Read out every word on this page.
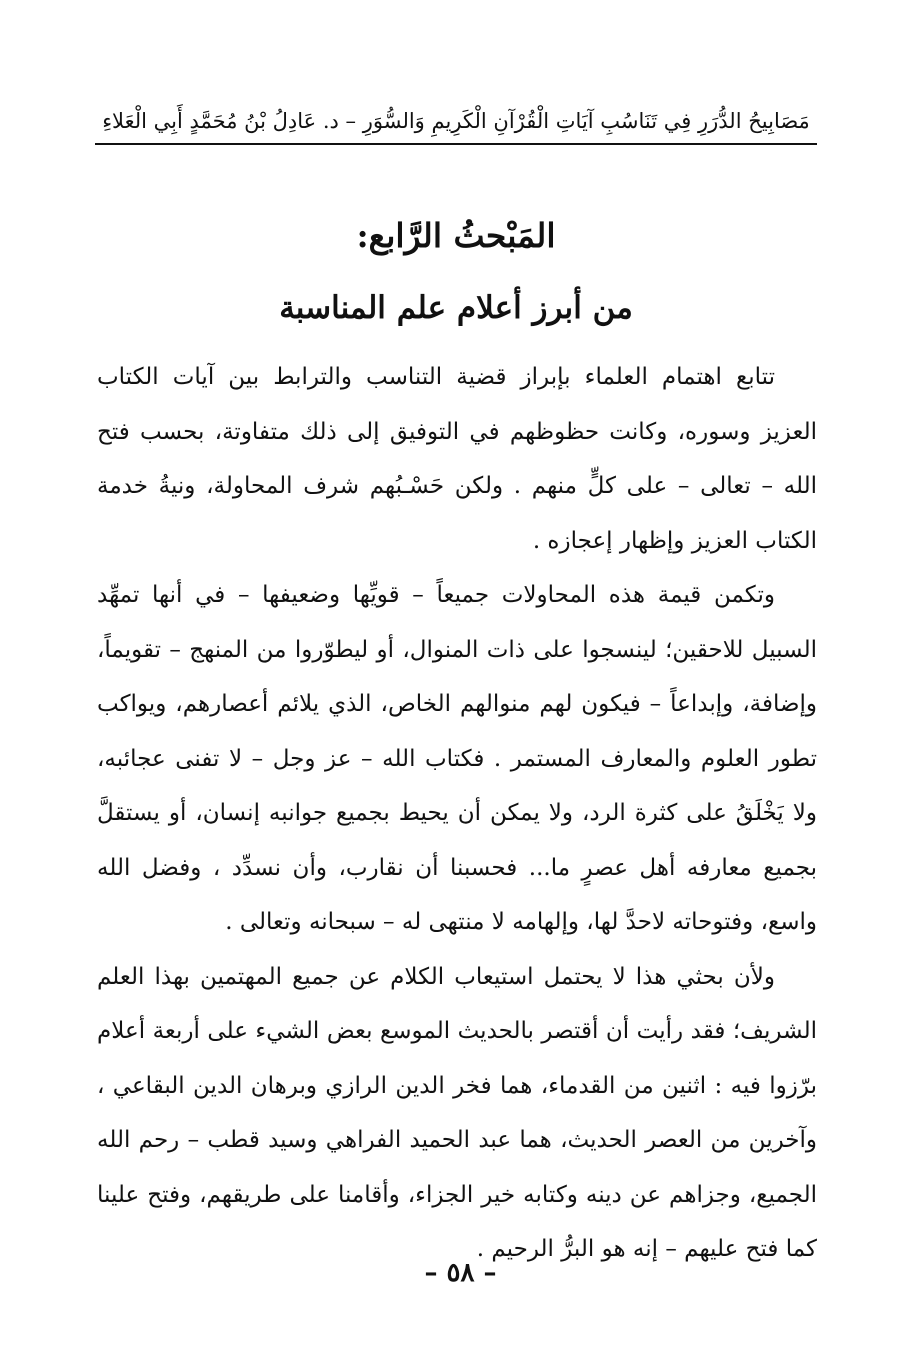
مَصَابِيحُ الدُّرَرِ فِي تَنَاسُبِ آيَاتِ الْقُرْآنِ الْكَرِيمِ وَالسُّوَرِ – د. عَادِلُ بْنُ مُحَمَّدٍ أَبِي الْعَلاءِ
المَبْحثُ الرَّابع:
من أبرز أعلام علم المناسبة

تتابع اهتمام العلماء بإبراز قضية التناسب والترابط بين آيات الكتاب العزيز وسوره، وكانت حظوظهم في التوفيق إلى ذلك متفاوتة، بحسب فتح الله – تعالى – على كلٍّ منهم . ولكن حَسْـبُهم شرف المحاولة، ونيةُ خدمة الكتاب العزيز وإظهار إعجازه .

وتكمن قيمة هذه المحاولات جميعاً – قويِّها وضعيفها – في أنها تمهِّد السبيل للاحقين؛ لينسجوا على ذات المنوال، أو ليطوّروا من المنهج – تقويماً، وإضافة، وإبداعاً – فيكون لهم منوالهم الخاص، الذي يلائم أعصارهم، ويواكب تطور العلوم والمعارف المستمر . فكتاب الله – عز وجل – لا تفنى عجائبه، ولا يَخْلَقُ على كثرة الرد، ولا يمكن أن يحيط بجميع جوانبه إنسان، أو يستقلَّ بجميع معارفه أهل عصرٍ ما... فحسبنا أن نقارب، وأن نسدِّد ، وفضل الله واسع، وفتوحاته لاحدَّ لها، وإلهامه لا منتهى له – سبحانه وتعالى .

ولأن بحثي هذا لا يحتمل استيعاب الكلام عن جميع المهتمين بهذا العلم الشريف؛ فقد رأيت أن أقتصر بالحديث الموسع بعض الشيء على أربعة أعلام برّزوا فيه : اثنين من القدماء، هما فخر الدين الرازي وبرهان الدين البقاعي ، وآخرين من العصر الحديث، هما عبد الحميد الفراهي وسيد قطب – رحم الله الجميع، وجزاهم عن دينه وكتابه خير الجزاء، وأقامنا على طريقهم، وفتح علينا كما فتح عليهم – إنه هو البرُّ الرحيم .

– ٥٨ –
